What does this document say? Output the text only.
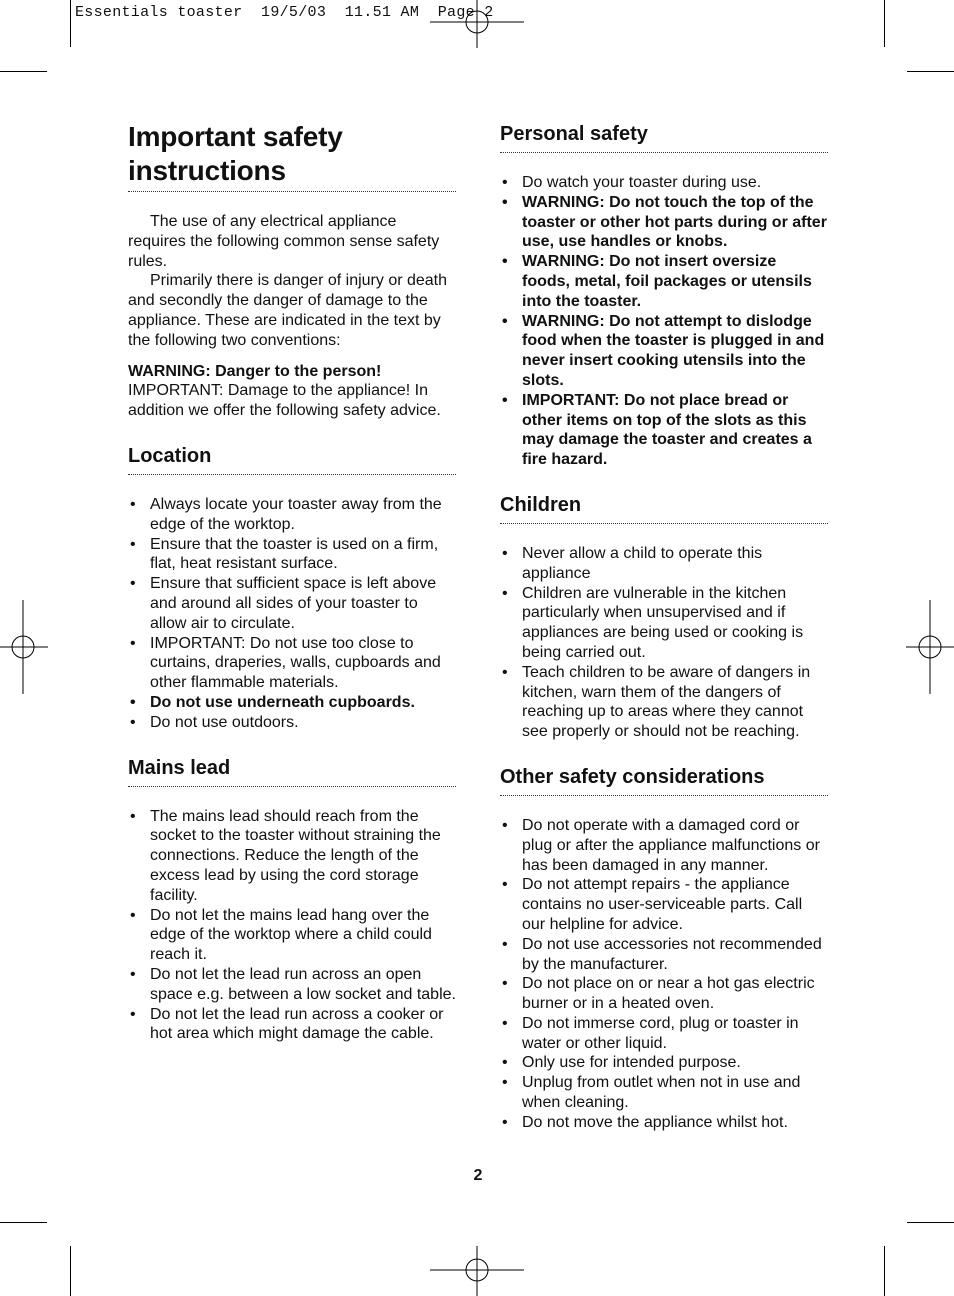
Essentials toaster  19/5/03  11.51 AM  Page 2
Important safety instructions

The use of any electrical appliance requires the following common sense safety rules.

Primarily there is danger of injury or death and secondly the danger of damage to the appliance. These are indicated in the text by the following two conventions:

WARNING: Danger to the person!

IMPORTANT: Damage to the appliance! In addition we offer the following safety advice.

Location
• Always locate your toaster away from the edge of the worktop.
• Ensure that the toaster is used on a firm, flat, heat resistant surface.
• Ensure that sufficient space is left above and around all sides of your toaster to allow air to circulate.
• IMPORTANT: Do not use too close to curtains, draperies, walls, cupboards and other flammable materials.
• Do not use underneath cupboards.
• Do not use outdoors.
Mains lead
• The mains lead should reach from the socket to the toaster without straining the connections. Reduce the length of the excess lead by using the cord storage facility.
• Do not let the mains lead hang over the edge of the worktop where a child could reach it.
• Do not let the lead run across an open space e.g. between a low socket and table.
• Do not let the lead run across a cooker or hot area which might damage the cable.
Personal safety
• Do watch your toaster during use.
• WARNING: Do not touch the top of the toaster or other hot parts during or after use, use handles or knobs.
• WARNING: Do not insert oversize foods, metal, foil packages or utensils into the toaster.
• WARNING: Do not attempt to dislodge food when the toaster is plugged in and never insert cooking utensils into the slots.
• IMPORTANT: Do not place bread or other items on top of the slots as this may damage the toaster and creates a fire hazard.
Children
• Never allow a child to operate this appliance
• Children are vulnerable in the kitchen particularly when unsupervised and if appliances are being used or cooking is being carried out.
• Teach children to be aware of dangers in kitchen, warn them of the dangers of reaching up to areas where they cannot see properly or should not be reaching.
Other safety considerations
• Do not operate with a damaged cord or plug or after the appliance malfunctions or has been damaged in any manner.
• Do not attempt repairs - the appliance contains no user-serviceable parts. Call our helpline for advice.
• Do not use accessories not recommended by the manufacturer.
• Do not place on or near a hot gas electric burner or in a heated oven.
• Do not immerse cord, plug or toaster in water or other liquid.
• Only use for intended purpose.
• Unplug from outlet when not in use and when cleaning.
• Do not move the appliance whilst hot.
2
